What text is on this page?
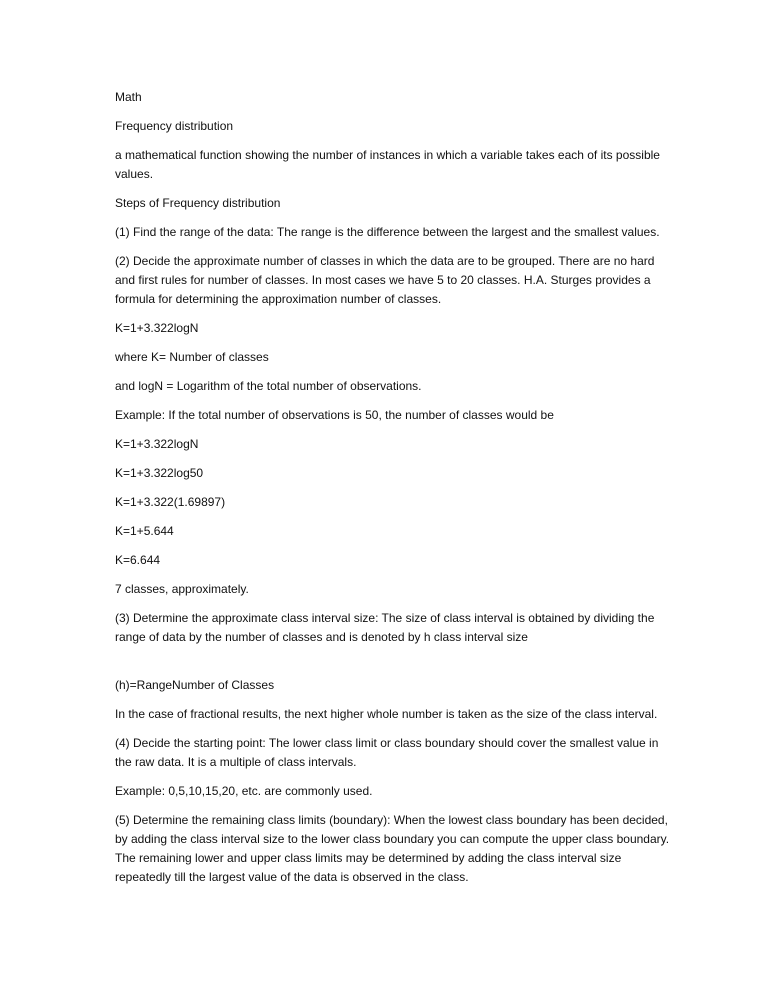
Math

Frequency distribution

a mathematical function showing the number of instances in which a variable takes each of its possible
values.

Steps of Frequency distribution

(1) Find the range of the data: The range is the difference between the largest and the smallest values.

(2) Decide the approximate number of classes in which the data are to be grouped. There are no hard
and first rules for number of classes. In most cases we have 5 to 20 classes. H.A. Sturges provides a
formula for determining the approximation number of classes.

K=1+3.322logN

where K= Number of classes

and logN = Logarithm of the total number of observations.

Example: If the total number of observations is 50, the number of classes would be

K=1+3.322logN

K=1+3.322log50

K=1+3.322(1.69897)

K=1+5.644

K=6.644

7 classes, approximately.

(3) Determine the approximate class interval size: The size of class interval is obtained by dividing the
range of data by the number of classes and is denoted by h class interval size

(h)=RangeNumber of Classes

In the case of fractional results, the next higher whole number is taken as the size of the class interval.

(4) Decide the starting point: The lower class limit or class boundary should cover the smallest value in
the raw data. It is a multiple of class intervals.

Example: 0,5,10,15,20, etc. are commonly used.

(5) Determine the remaining class limits (boundary): When the lowest class boundary has been decided,
by adding the class interval size to the lower class boundary you can compute the upper class boundary.
The remaining lower and upper class limits may be determined by adding the class interval size
repeatedly till the largest value of the data is observed in the class.
